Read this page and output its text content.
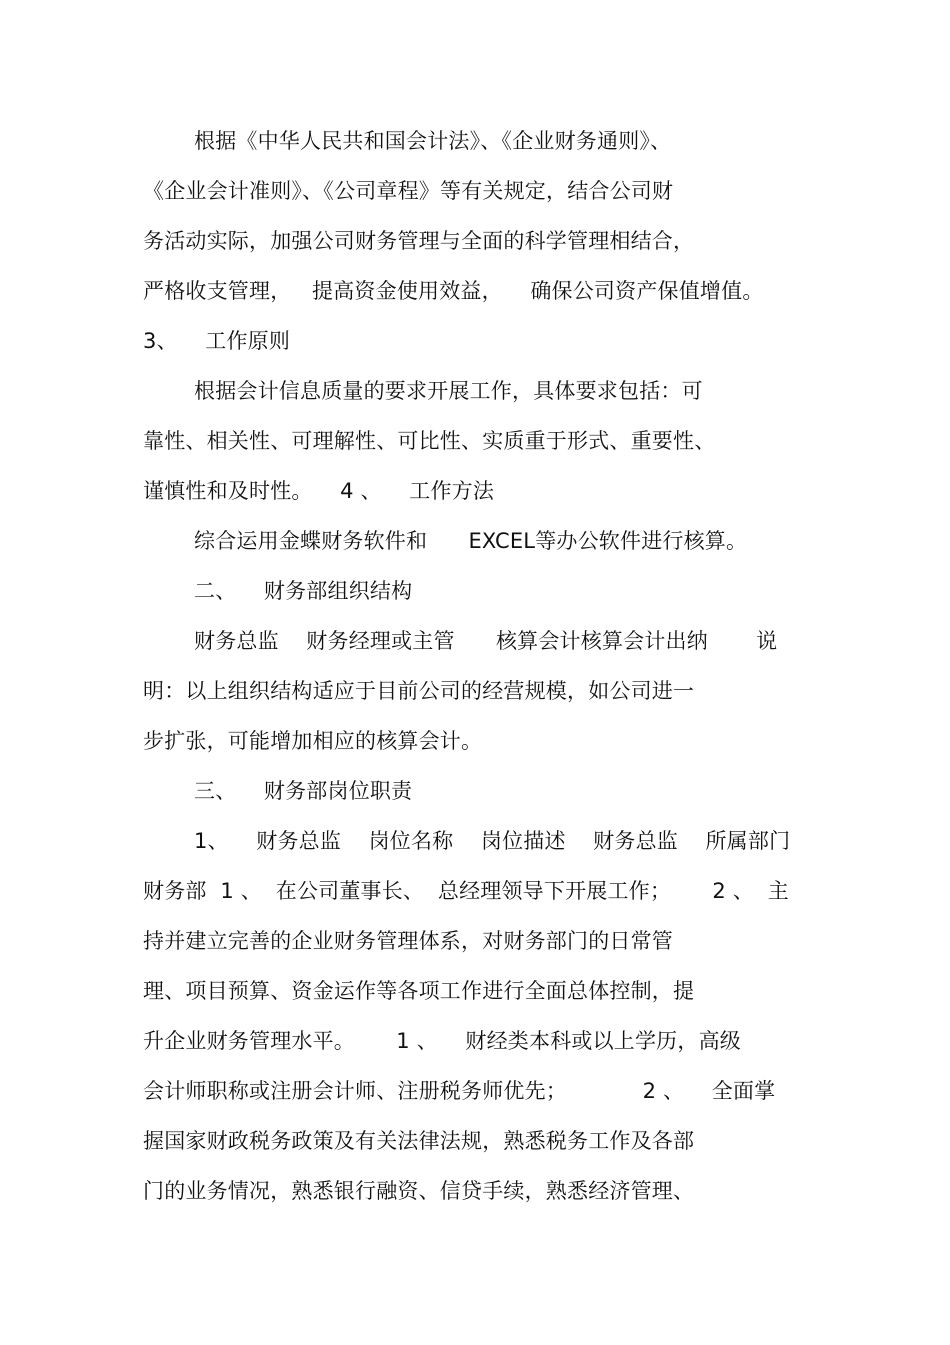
根据《中华人民共和国会计法》、《企业财务通则》、
《企业会计准则》、《公司章程》等有关规定，结合公司财
务活动实际，加强公司财务管理与全面的科学管理相结合，
严格收支管理，   提高资金使用效益，    确保公司资产保值增值。
3、    工作原则
根据会计信息质量的要求开展工作，具体要求包括：可
靠性、相关性、可理解性、可比性、实质重于形式、重要性、
谨慎性和及时性。    4 、    工作方法
综合运用金蝶财务软件和      EXCEL等办公软件进行核算。
二、    财务部组织结构
财务总监    财务经理或主管      核算会计核算会计出纳       说
明：以上组织结构适应于目前公司的经营规模，如公司进一
步扩张，可能增加相应的核算会计。
三、    财务部岗位职责
1、    财务总监    岗位名称    岗位描述    财务总监    所属部门
财务部  1 、  在公司董事长、  总经理领导下开展工作；      2 、  主
持并建立完善的企业财务管理体系，对财务部门的日常管
理、项目预算、资金运作等各项工作进行全面总体控制，提
升企业财务管理水平。      1 、    财经类本科或以上学历，高级
会计师职称或注册会计师、注册税务师优先；           2 、    全面掌
握国家财政税务政策及有关法律法规，熟悉税务工作及各部
门的业务情况，熟悉银行融资、信贷手续，熟悉经济管理、
